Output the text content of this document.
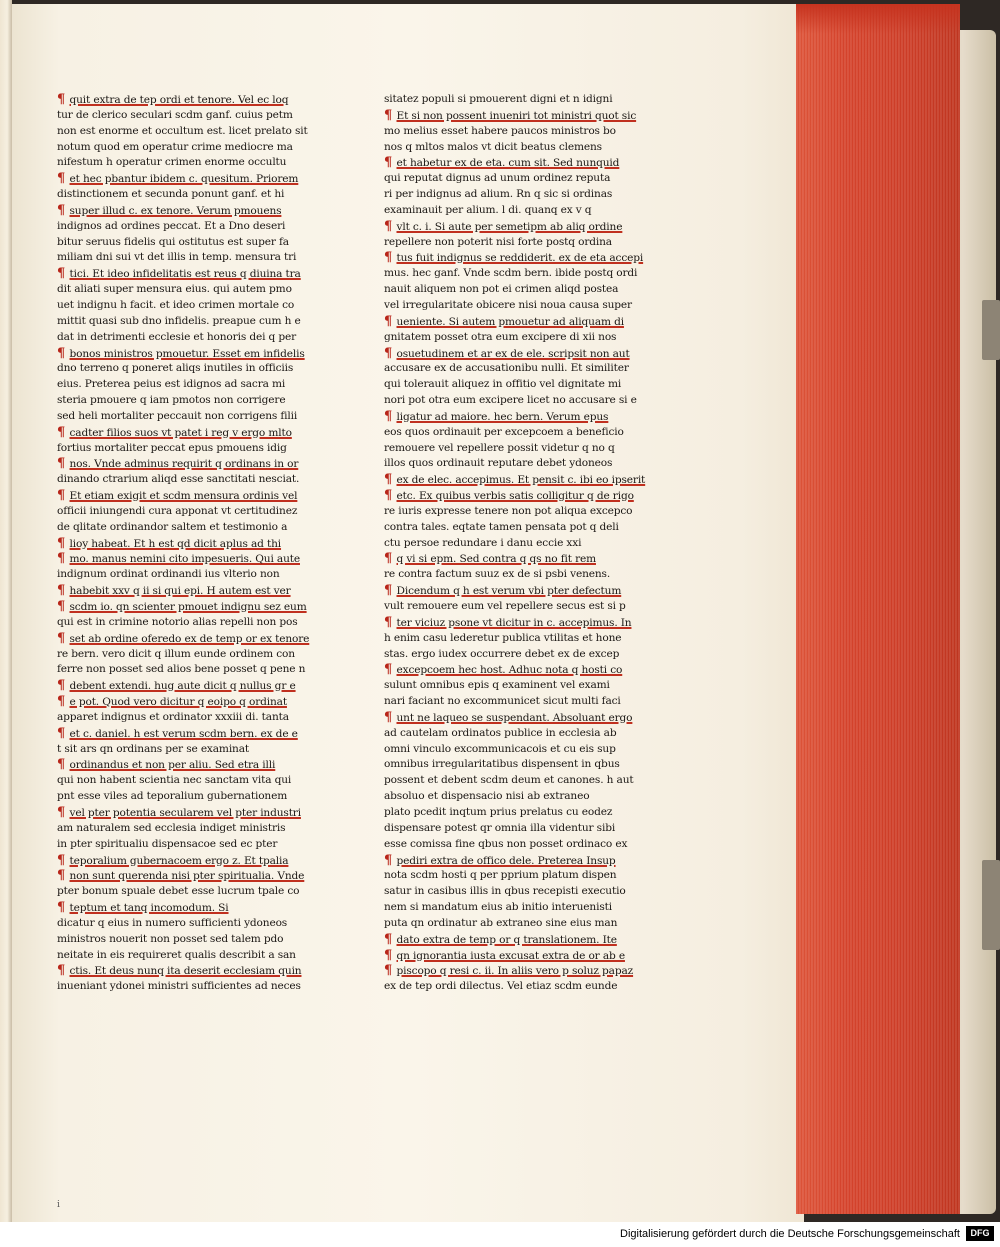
¶ quit extra de tep ordi et tenore. Vel ec loq
tur de clerico seculari scdm ganf. cuius petm
non est enorme et occultum est. licet prelato sit
notum quod em operatur crime mediocre ma
nifestum h operatur crimen enorme occultu
¶ et hec pbantur ibidem c. quesitum. Priorem
distinctionem et secunda ponunt ganf. et hi
¶ super illud c. ex tenore. Verum pmouens
indignos ad ordines peccat. Et a Dno deseri
bitur seruus fidelis qui ostitutus est super fa
miliam dni sui vt det illis in temp. mensura tri
¶ tici. Et ideo infidelitatis est reus q diuina tra
dit aliati super mensura eius. qui autem pmo
uet indignu h facit. et ideo crimen mortale co
mittit quasi sub dno infidelis. preapue cum h e
dat in detrimenti ecclesie et honoris dei q per
¶ bonos ministros pmouetur. Esset em infidelis
dno terreno q poneret aliqs inutiles in officiis
eius. Preterea peius est idignos ad sacra mi
steria pmouere q iam pmotos non corrigere
sed heli mortaliter peccauit non corrigens filii
¶ cadter filios suos vt patet i reg v ergo mlto
fortius mortaliter peccat epus pmouens idig
¶ nos. Vnde adminus requirit q ordinans in or
dinando ctrarium aliqd esse sanctitati nesciat.
¶ Et etiam exigit et scdm mensura ordinis vel
officii iniungendi cura apponat vt certitudinez
de qlitate ordinandor saltem et testimonio a
¶ lioy habeat. Et h est qd dicit aplus ad thi
¶ mo. manus nemini cito impesueris. Qui aute
indignum ordinat ordinandi ius vlterio non
¶ habebit xxv q ii si qui epi. H autem est ver
¶ scdm io. qn scienter pmouet indignu sez eum
qui est in crimine notorio alias repelli non pos
¶ set ab ordine oferedo ex de temp or ex tenore
re bern. vero dicit q illum eunde ordinem con
ferre non posset sed alios bene posset q pene n
¶ debent extendi. hug aute dicit q nullus gr e
¶ e pot. Quod vero dicitur q eoipo q ordinat
apparet indignus et ordinator xxxiii di. tanta
¶ et c. daniel. h est verum scdm bern. ex de e
t sit ars qn ordinans per se examinat
¶ ordinandus et non per aliu. Sed etra illi
qui non habent scientia nec sanctam vita qui
pnt esse viles ad teporalium gubernationem
¶ vel pter potentia secularem vel pter industri
am naturalem sed ecclesia indiget ministris
in pter spiritualiu dispensacoe sed ec pter
¶ teporalium gubernacoem ergo z. Et tpalia
¶ non sunt querenda nisi pter spiritualia. Vnde
pter bonum spuale debet esse lucrum tpale co
¶ teptum et tanq incomodum. Si
dicatur q eius in numero sufficienti ydoneos
ministros nouerit non posset sed talem pdo
neitate in eis requireret qualis describit a san
¶ ctis. Et deus nunq ita deserit ecclesiam quin
inueniant ydonei ministri sufficientes ad neces
sitatez populi si pmouerent digni et n idigni
¶ Et si non possent inueniri tot ministri quot sic
mo melius esset habere paucos ministros bo
nos q mltos malos vt dicit beatus clemens
¶ et habetur ex de eta. cum sit. Sed nunquid
qui reputat dignus ad unum ordinez reputa
ri per indignus ad alium. Rn q sic si ordinas
examinauit per alium. l di. quanq ex v q
¶ vlt c. i. Si aute per semetipm ab aliq ordine
repellere non poterit nisi forte postq ordina
¶ tus fuit indignus se reddiderit. ex de eta accepi
mus. hec ganf. Vnde scdm bern. ibide postq ordi
nauit aliquem non pot ei crimen aliqd postea
vel irregularitate obicere nisi noua causa super
¶ ueniente. Si autem pmouetur ad aliquam di
gnitatem posset otra eum excipere di xii nos
¶ osuetudinem et ar ex de ele. scripsit non aut
accusare ex de accusationibu nulli. Et similiter
qui tolerauit aliquez in offitio vel dignitate mi
nori pot otra eum excipere licet no accusare si e
¶ ligatur ad maiore. hec bern. Verum epus
eos quos ordinauit per excepcoem a beneficio
remouere vel repellere possit videtur q no q
illos quos ordinauit reputare debet ydoneos
¶ ex de elec. accepimus. Et pensit c. ibi eo ipserit
¶ etc. Ex quibus verbis satis colligitur q de rigo
re iuris expresse tenere non pot aliqua excepco
contra tales. eqtate tamen pensata pot q deli
ctu persoe redundare i danu eccie xxi
¶ q vi si epm. Sed contra q qs no fit rem
re contra factum suuz ex de si psbi venens.
¶ Dicendum q h est verum vbi pter defectum
vult remouere eum vel repellere secus est si p
¶ ter viciuz psone vt dicitur in c. accepimus. In
h enim casu lederetur publica vtilitas et hone
stas. ergo iudex occurrere debet ex de excep
¶ excepcoem hec host. Adhuc nota q hosti co
sulunt omnibus epis q examinent vel exami
nari faciant no excommunicet sicut multi faci
¶ unt ne laqueo se suspendant. Absoluant ergo
ad cautelam ordinatos publice in ecclesia ab
omni vinculo excommunicacois et cu eis sup
omnibus irregularitatibus dispensent in qbus
possent et debent scdm deum et canones. h aut
absoluo et dispensacio nisi ab extraneo
plato pcedit inqtum prius prelatus cu eodez
dispensare potest qr omnia illa videntur sibi
esse comissa fine qbus non posset ordinaco ex
¶ pediri extra de offico dele. Preterea Insup
nota scdm hosti q per pprium platum dispen
satur in casibus illis in qbus recepisti executio
nem si mandatum eius ab initio interuenisti
puta qn ordinatur ab extraneo sine eius man
¶ dato extra de temp or q translationem. Ite
¶ qn ignorantia iusta excusat extra de or ab e
¶ piscopo q resi c. ii. In aliis vero p soluz papaz
ex de tep ordi dilectus. Vel etiaz scdm eunde
i
Digitalisierung gefördert durch die Deutsche Forschungsgemeinschaft	DFG
